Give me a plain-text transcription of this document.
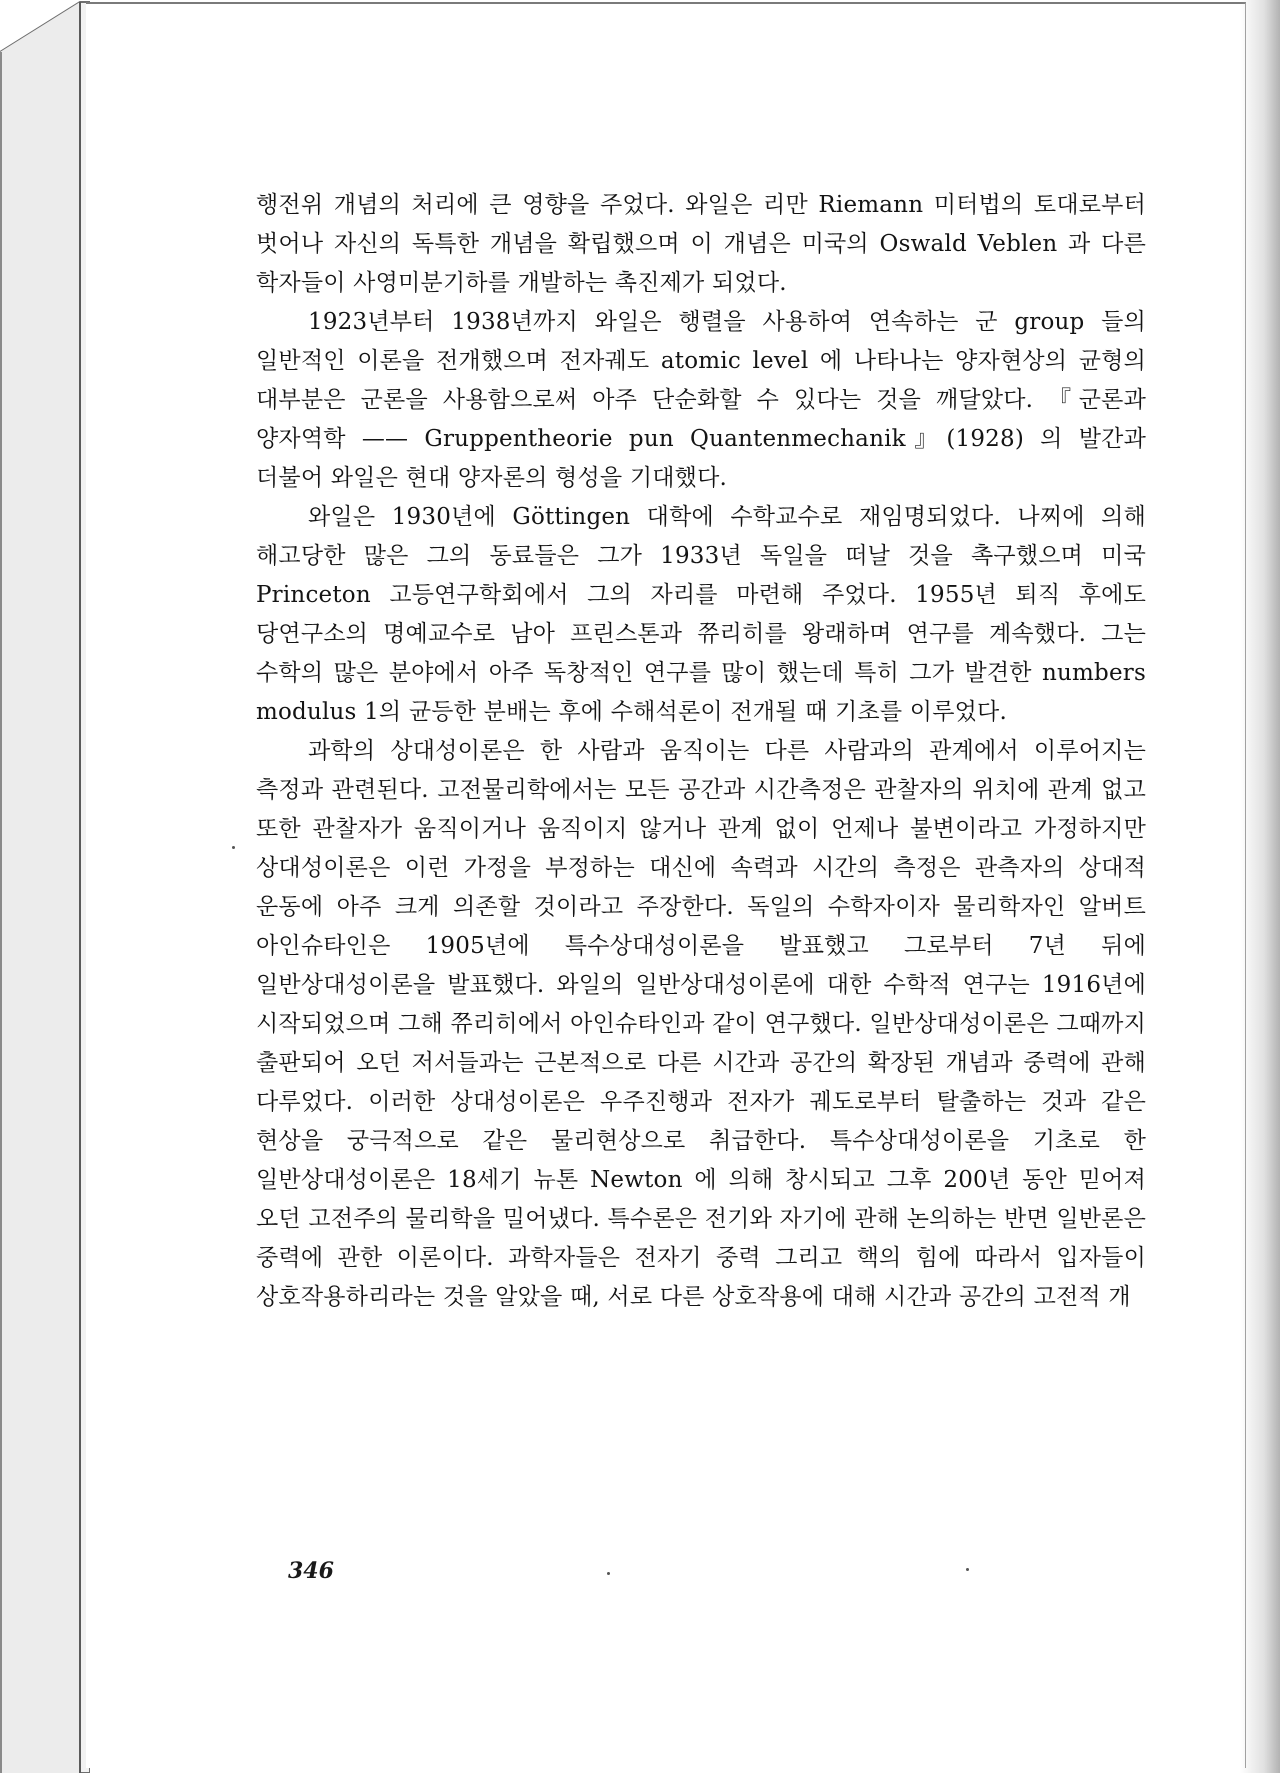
행전위 개념의 처리에 큰 영향을 주었다. 와일은 리만 Riemann 미터법의 토대로부터 벗어나 자신의 독특한 개념을 확립했으며 이 개념은 미국의 Oswald Veblen 과 다른 학자들이 사영미분기하를 개발하는 촉진제가 되었다.

1923년부터 1938년까지 와일은 행렬을 사용하여 연속하는 군 group 들의 일반적인 이론을 전개했으며 전자궤도 atomic level 에 나타나는 양자현상의 균형의 대부분은 군론을 사용함으로써 아주 단순화할 수 있다는 것을 깨달았다. 『군론과 양자역학 —— Gruppentheorie pun Quantenmechanik』(1928) 의 발간과 더불어 와일은 현대 양자론의 형성을 기대했다.

와일은 1930년에 Göttingen 대학에 수학교수로 재임명되었다. 나찌에 의해 해고당한 많은 그의 동료들은 그가 1933년 독일을 떠날 것을 촉구했으며 미국 Princeton 고등연구학회에서 그의 자리를 마련해 주었다. 1955년 퇴직 후에도 당연구소의 명예교수로 남아 프린스톤과 쮸리히를 왕래하며 연구를 계속했다. 그는 수학의 많은 분야에서 아주 독창적인 연구를 많이 했는데 특히 그가 발견한 numbers modulus 1의 균등한 분배는 후에 수해석론이 전개될 때 기초를 이루었다.

과학의 상대성이론은 한 사람과 움직이는 다른 사람과의 관계에서 이루어지는 측정과 관련된다. 고전물리학에서는 모든 공간과 시간측정은 관찰자의 위치에 관계 없고 또한 관찰자가 움직이거나 움직이지 않거나 관계 없이 언제나 불변이라고 가정하지만 상대성이론은 이런 가정을 부정하는 대신에 속력과 시간의 측정은 관측자의 상대적 운동에 아주 크게 의존할 것이라고 주장한다. 독일의 수학자이자 물리학자인 알버트 아인슈타인은 1905년에 특수상대성이론을 발표했고 그로부터 7년 뒤에 일반상대성이론을 발표했다. 와일의 일반상대성이론에 대한 수학적 연구는 1916년에 시작되었으며 그해 쮸리히에서 아인슈타인과 같이 연구했다. 일반상대성이론은 그때까지 출판되어 오던 저서들과는 근본적으로 다른 시간과 공간의 확장된 개념과 중력에 관해 다루었다. 이러한 상대성이론은 우주진행과 전자가 궤도로부터 탈출하는 것과 같은 현상을 궁극적으로 같은 물리현상으로 취급한다. 특수상대성이론을 기초로 한 일반상대성이론은 18세기 뉴톤 Newton 에 의해 창시되고 그후 200년 동안 믿어져 오던 고전주의 물리학을 밀어냈다. 특수론은 전기와 자기에 관해 논의하는 반면 일반론은 중력에 관한 이론이다. 과학자들은 전자기 중력 그리고 핵의 힘에 따라서 입자들이 상호작용하리라는 것을 알았을 때, 서로 다른 상호작용에 대해 시간과 공간의 고전적 개

346
